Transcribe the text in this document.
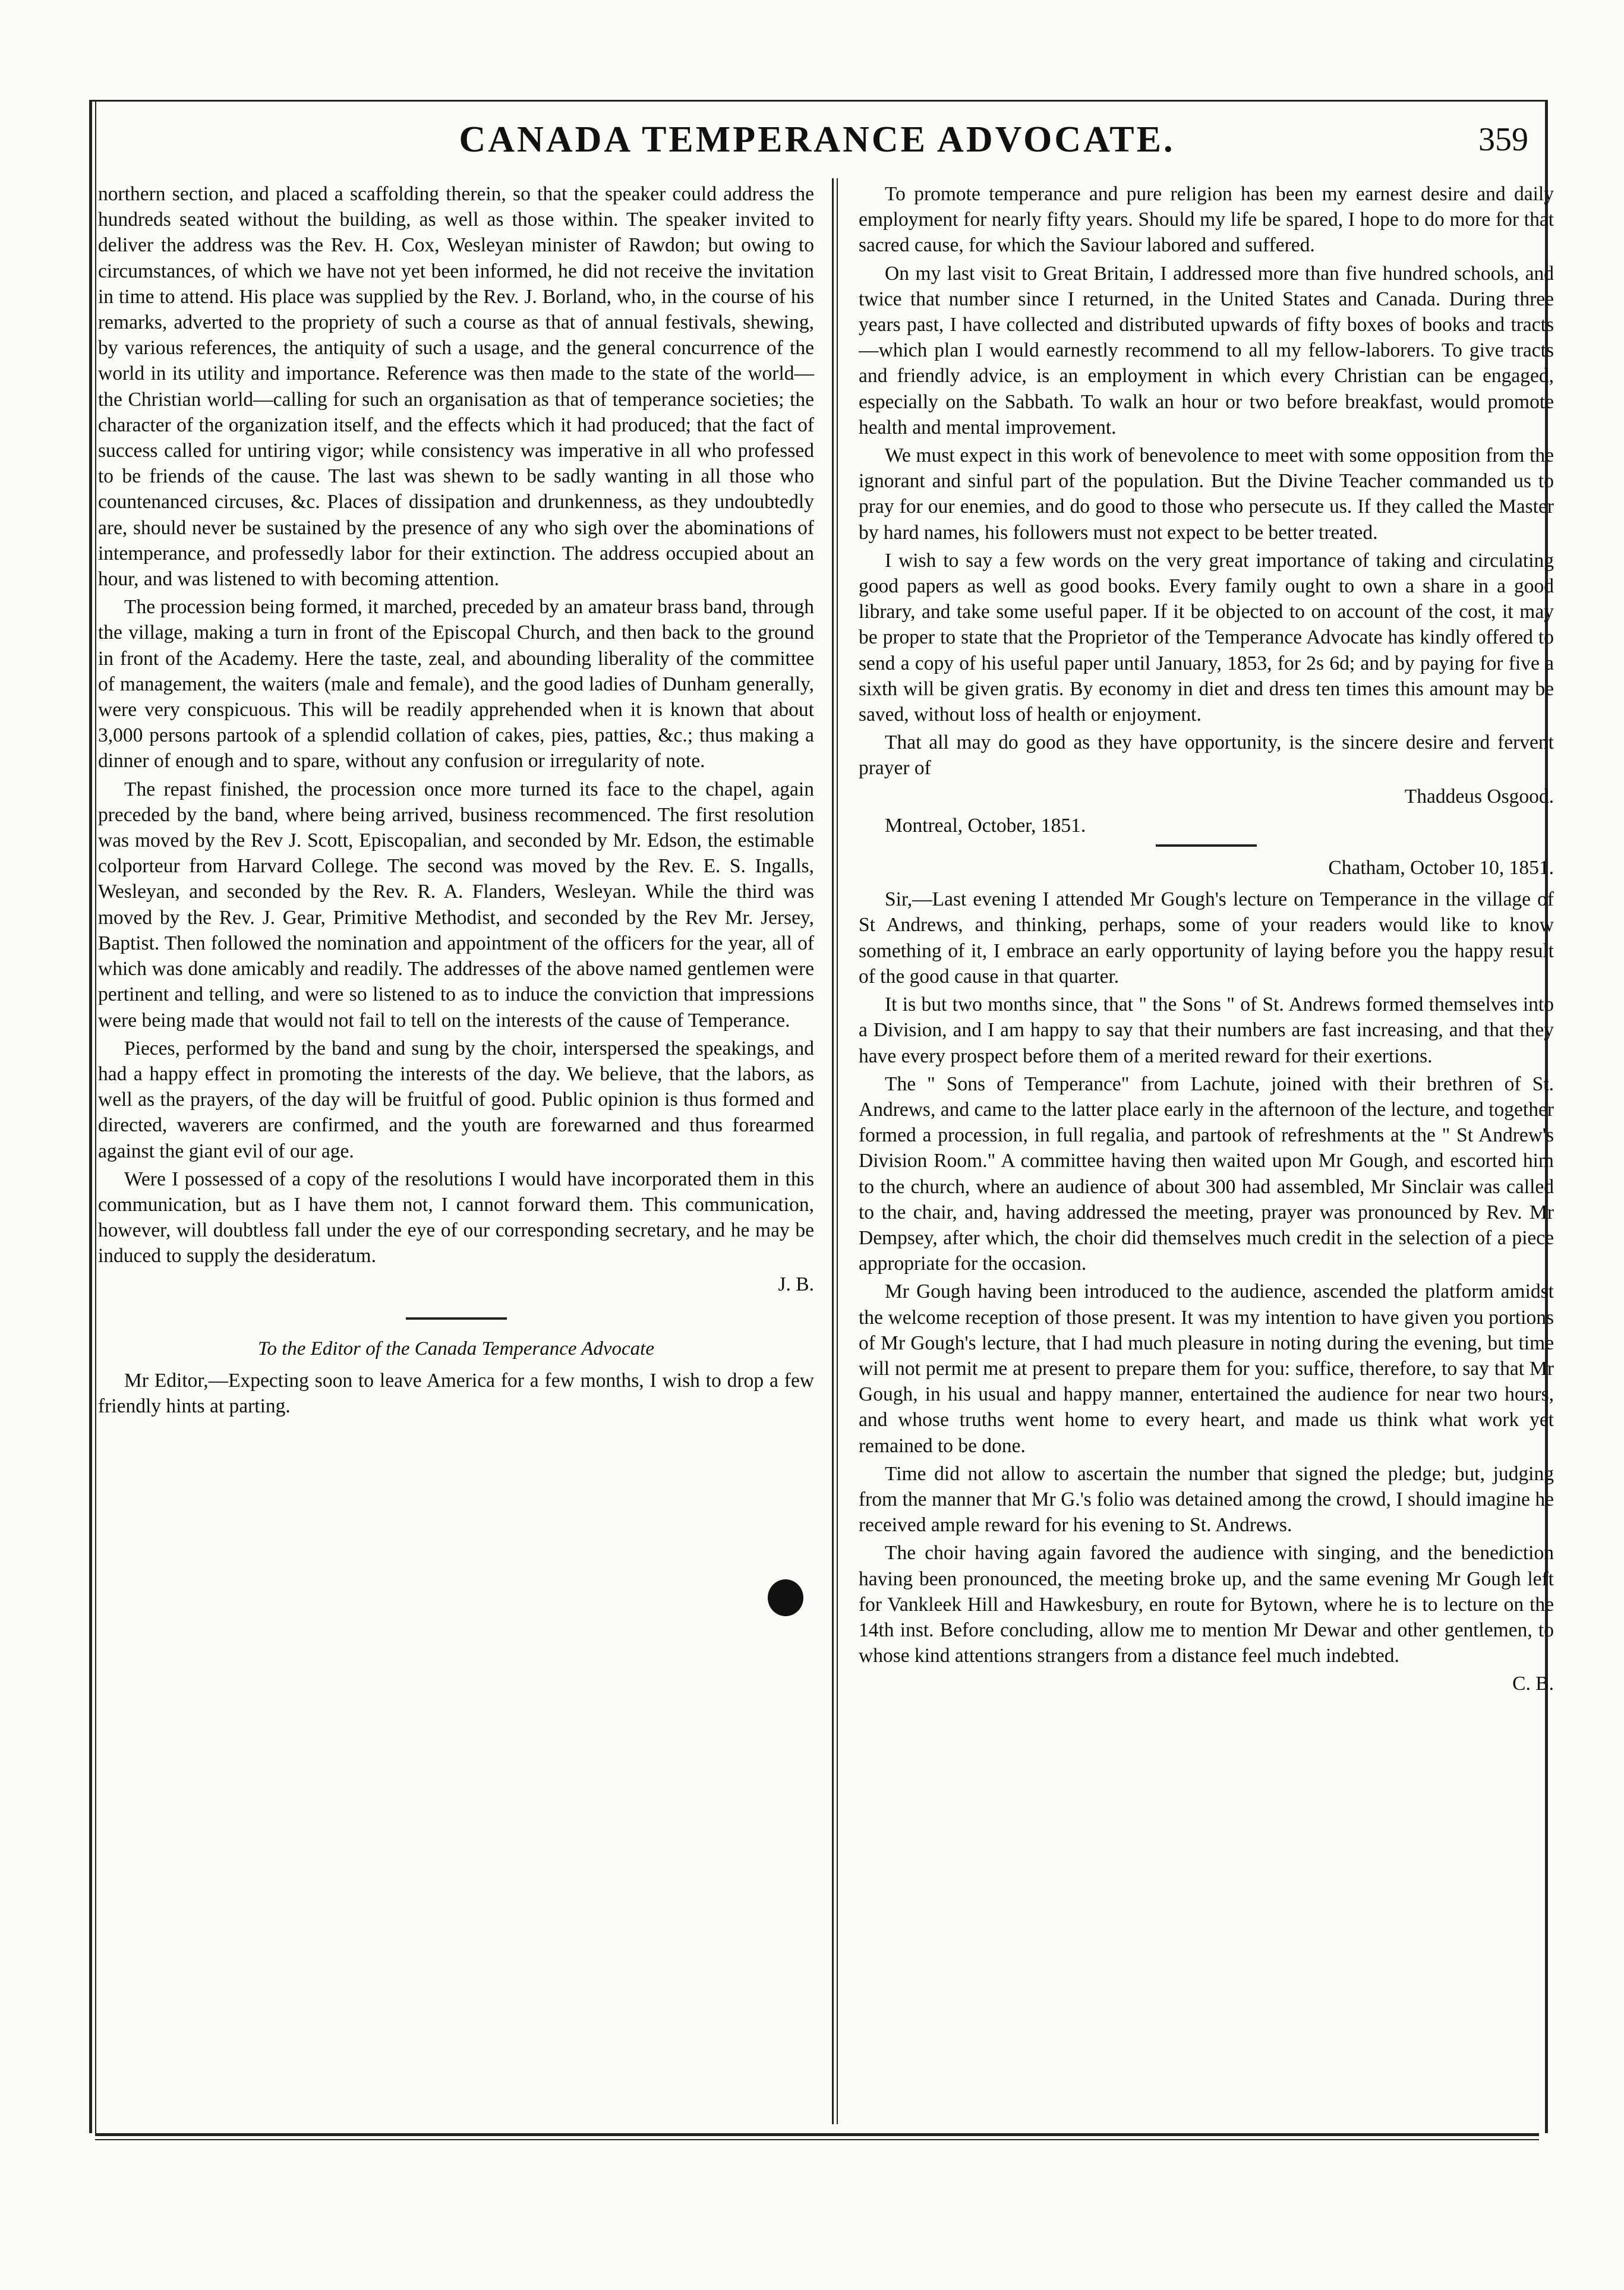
CANADA TEMPERANCE ADVOCATE.	359

northern section, and placed a scaffolding therein, so that the speaker could address the hundreds seated without the building, as well as those within. The speaker invited to deliver the address was the Rev. H. Cox, Wesleyan minister of Rawdon; but owing to circumstances, of which we have not yet been informed, he did not receive the invitation in time to attend. His place was supplied by the Rev. J. Borland, who, in the course of his remarks, adverted to the propriety of such a course as that of annual festivals, shewing, by various references, the antiquity of such a usage, and the general concurrence of the world in its utility and importance. Reference was then made to the state of the world—the Christian world—calling for such an organisation as that of temperance societies; the character of the organization itself, and the effects which it had produced; that the fact of success called for untiring vigor; while consistency was imperative in all who professed to be friends of the cause. The last was shewn to be sadly wanting in all those who countenanced circuses, &c. Places of dissipation and drunkenness, as they undoubtedly are, should never be sustained by the presence of any who sigh over the abominations of intemperance, and professedly labor for their extinction. The address occupied about an hour, and was listened to with becoming attention.

The procession being formed, it marched, preceded by an amateur brass band, through the village, making a turn in front of the Episcopal Church, and then back to the ground in front of the Academy. Here the taste, zeal, and abounding liberality of the committee of management, the waiters (male and female), and the good ladies of Dunham generally, were very conspicuous. This will be readily apprehended when it is known that about 3,000 persons partook of a splendid collation of cakes, pies, patties, &c.; thus making a dinner of enough and to spare, without any confusion or irregularity of note.

The repast finished, the procession once more turned its face to the chapel, again preceded by the band, where being arrived, business recommenced. The first resolution was moved by the Rev J. Scott, Episcopalian, and seconded by Mr. Edson, the estimable colporteur from Harvard College. The second was moved by the Rev. E. S. Ingalls, Wesleyan, and seconded by the Rev. R. A. Flanders, Wesleyan. While the third was moved by the Rev. J. Gear, Primitive Methodist, and seconded by the Rev Mr. Jersey, Baptist. Then followed the nomination and appointment of the officers for the year, all of which was done amicably and readily. The addresses of the above named gentlemen were pertinent and telling, and were so listened to as to induce the conviction that impressions were being made that would not fail to tell on the interests of the cause of Temperance.

Pieces, performed by the band and sung by the choir, interspersed the speakings, and had a happy effect in promoting the interests of the day. We believe, that the labors, as well as the prayers, of the day will be fruitful of good. Public opinion is thus formed and directed, waverers are confirmed, and the youth are forewarned and thus forearmed against the giant evil of our age.

Were I possessed of a copy of the resolutions I would have incorporated them in this communication, but as I have them not, I cannot forward them. This communication, however, will doubtless fall under the eye of our corresponding secretary, and he may be induced to supply the desideratum.

J. B.
To the Editor of the Canada Temperance Advocate

Mr Editor,—Expecting soon to leave America for a few months, I wish to drop a few friendly hints at parting.

To promote temperance and pure religion has been my earnest desire and daily employment for nearly fifty years. Should my life be spared, I hope to do more for that sacred cause, for which the Saviour labored and suffered.

On my last visit to Great Britain, I addressed more than five hundred schools, and twice that number since I returned, in the United States and Canada. During three years past, I have collected and distributed upwards of fifty boxes of books and tracts —which plan I would earnestly recommend to all my fellow-laborers. To give tracts and friendly advice, is an employment in which every Christian can be engaged, especially on the Sabbath. To walk an hour or two before breakfast, would promote health and mental improvement.

We must expect in this work of benevolence to meet with some opposition from the ignorant and sinful part of the population. But the Divine Teacher commanded us to pray for our enemies, and do good to those who persecute us. If they called the Master by hard names, his followers must not expect to be better treated.

I wish to say a few words on the very great importance of taking and circulating good papers as well as good books. Every family ought to own a share in a good library, and take some useful paper. If it be objected to on account of the cost, it may be proper to state that the Proprietor of the Temperance Advocate has kindly offered to send a copy of his useful paper until January, 1853, for 2s 6d; and by paying for five a sixth will be given gratis. By economy in diet and dress ten times this amount may be saved, without loss of health or enjoyment.

That all may do good as they have opportunity, is the sincere desire and fervent prayer of

Thaddeus Osgood.

Montreal, October, 1851.

Chatham, October 10, 1851.

Sir,—Last evening I attended Mr Gough's lecture on Temperance in the village of St Andrews, and thinking, perhaps, some of your readers would like to know something of it, I embrace an early opportunity of laying before you the happy result of the good cause in that quarter.

It is but two months since, that " the Sons " of St. Andrews formed themselves into a Division, and I am happy to say that their numbers are fast increasing, and that they have every prospect before them of a merited reward for their exertions.

The " Sons of Temperance" from Lachute, joined with their brethren of St. Andrews, and came to the latter place early in the afternoon of the lecture, and together formed a procession, in full regalia, and partook of refreshments at the " St Andrew's Division Room." A committee having then waited upon Mr Gough, and escorted him to the church, where an audience of about 300 had assembled, Mr Sinclair was called to the chair, and, having addressed the meeting, prayer was pronounced by Rev. Mr Dempsey, after which, the choir did themselves much credit in the selection of a piece appropriate for the occasion.

Mr Gough having been introduced to the audience, ascended the platform amidst the welcome reception of those present. It was my intention to have given you portions of Mr Gough's lecture, that I had much pleasure in noting during the evening, but time will not permit me at present to prepare them for you: suffice, therefore, to say that Mr Gough, in his usual and happy manner, entertained the audience for near two hours, and whose truths went home to every heart, and made us think what work yet remained to be done.

Time did not allow to ascertain the number that signed the pledge; but, judging from the manner that Mr G.'s folio was detained among the crowd, I should imagine he received ample reward for his evening to St. Andrews.

The choir having again favored the audience with singing, and the benediction having been pronounced, the meeting broke up, and the same evening Mr Gough left for Vankleek Hill and Hawkesbury, en route for Bytown, where he is to lecture on the 14th inst. Before concluding, allow me to mention Mr Dewar and other gentlemen, to whose kind attentions strangers from a distance feel much indebted.

C. B.
